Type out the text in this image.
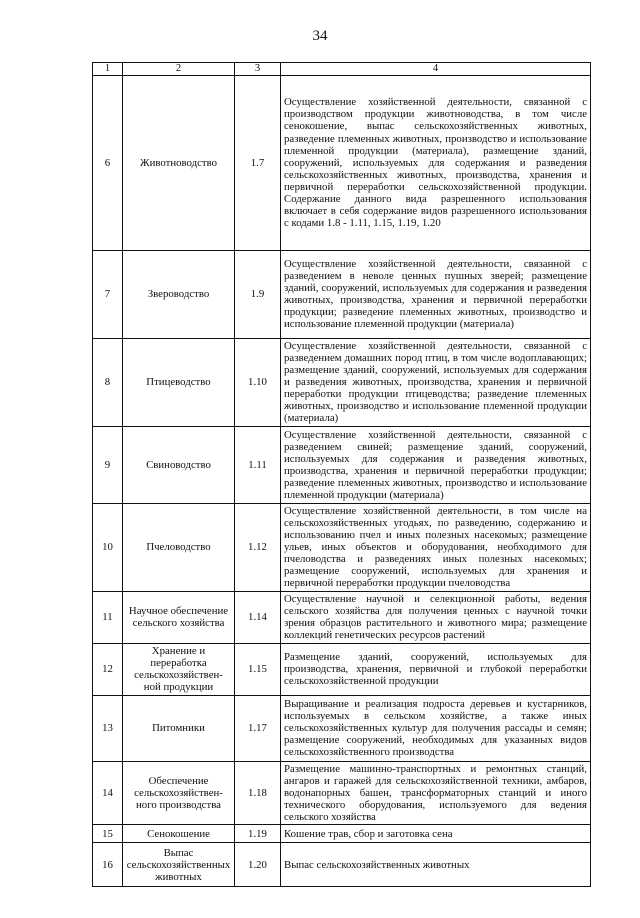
34
1	2	3	4
6	Животноводство	1.7	Осуществление хозяйственной деятельности, связанной с производством продукции животноводства, в том числе сенокошение, выпас сельскохозяйственных животных, разведение племенных животных, производство и использование племенной продукции (материала), размещение зданий, сооружений, используемых для содержания и разведения сельскохозяйственных животных, производства, хранения и первичной переработки сельскохозяйственной продукции. Содержание данного вида разрешенного использования включает в себя содержание видов разрешенного использования с кодами 1.8 - 1.11, 1.15, 1.19, 1.20
7	Звероводство	1.9	Осуществление хозяйственной деятельности, связанной с разведением в неволе ценных пушных зверей; размещение зданий, сооружений, используемых для содержания и разведения животных, производства, хранения и первичной переработки продукции; разведение племенных животных, производство и использование племенной продукции (материала)
8	Птицеводство	1.10	Осуществление хозяйственной деятельности, связанной с разведением домашних пород птиц, в том числе водоплавающих; размещение зданий, сооружений, используемых для содержания и разведения животных, производства, хранения и первичной переработки продукции птицеводства; разведение племенных животных, производство и использование племенной продукции (материала)
9	Свиноводство	1.11	Осуществление хозяйственной деятельности, связанной с разведением свиней; размещение зданий, сооружений, используемых для содержания и разведения животных, производства, хранения и первичной переработки продукции; разведение племенных животных, производство и использование племенной продукции (материала)
10	Пчеловодство	1.12	Осуществление хозяйственной деятельности, в том числе на сельскохозяйственных угодьях, по разведению, содержанию и использованию пчел и иных полезных насекомых; размещение ульев, иных объектов и оборудования, необходимого для пчеловодства и разведениях иных полезных насекомых; размещение сооружений, используемых для хранения и первичной переработки продукции пчеловодства
11	Научное обеспечение сельского хозяйства	1.14	Осуществление научной и селекционной работы, ведения сельского хозяйства для получения ценных с научной точки зрения образцов растительного и животного мира; размещение коллекций генетических ресурсов растений
12	Хранение и переработка сельскохозяйствен-ной продукции	1.15	Размещение зданий, сооружений, используемых для производства, хранения, первичной и глубокой переработки сельскохозяйственной продукции
13	Питомники	1.17	Выращивание и реализация подроста деревьев и кустарников, используемых в сельском хозяйстве, а также иных сельскохозяйственных культур для получения рассады и семян; размещение сооружений, необходимых для указанных видов сельскохозяйственного производства
14	Обеспечение сельскохозяйствен-ного производства	1.18	Размещение машинно-транспортных и ремонтных станций, ангаров и гаражей для сельскохозяйственной техники, амбаров, водонапорных башен, трансформаторных станций и иного технического оборудования, используемого для ведения сельского хозяйства
15	Сенокошение	1.19	Кошение трав, сбор и заготовка сена
16	Выпас сельскохозяйственных животных	1.20	Выпас сельскохозяйственных животных
